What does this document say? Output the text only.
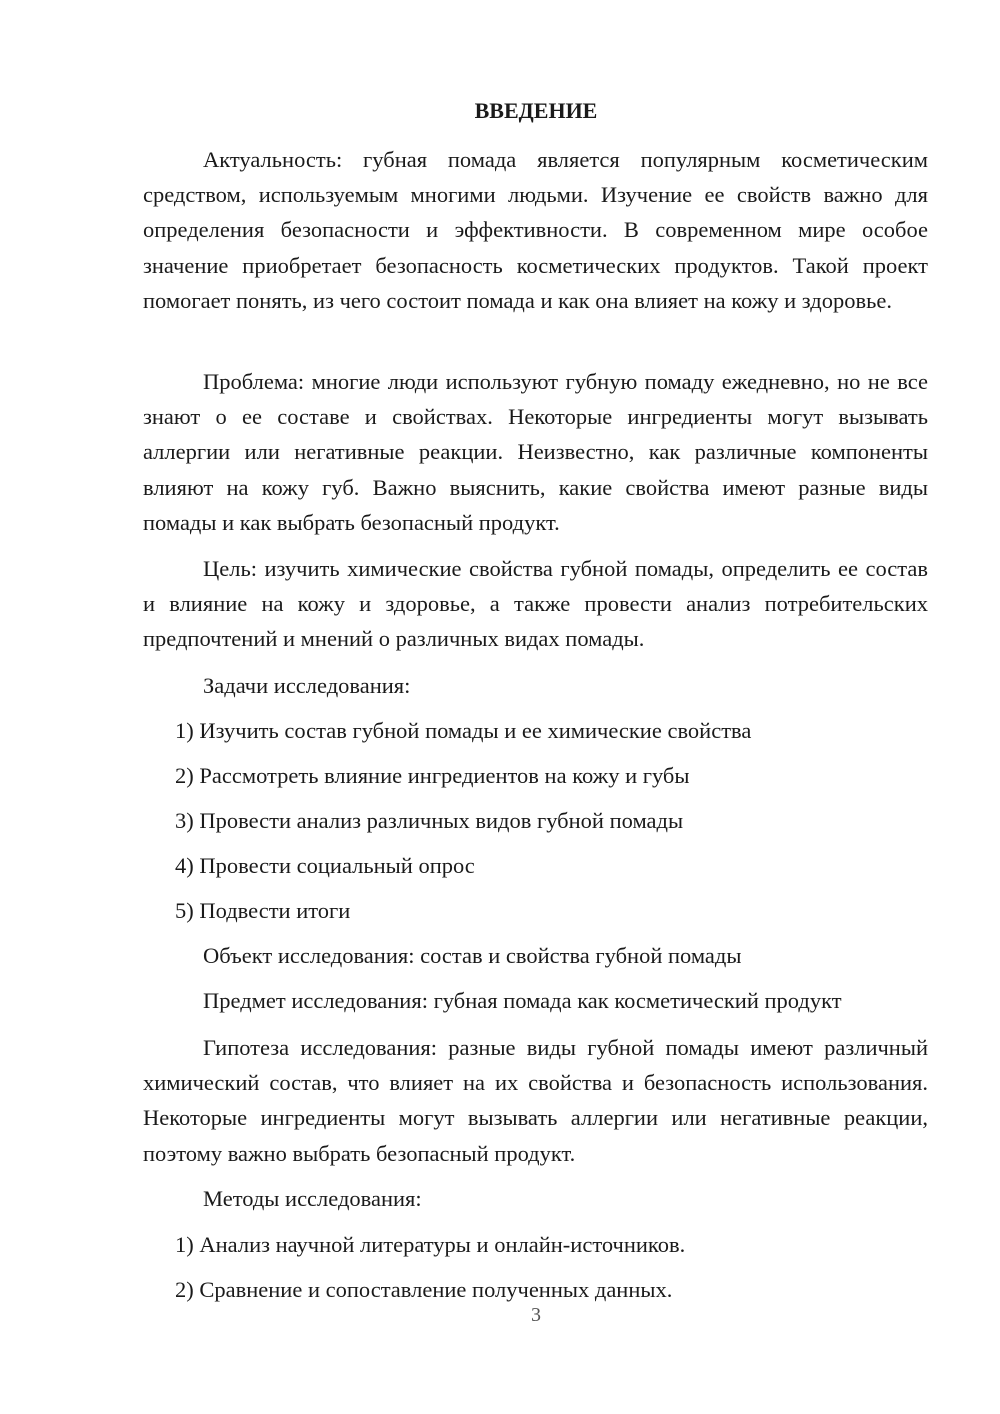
ВВЕДЕНИЕ

Актуальность: губная помада является популярным косметическим средством, используемым многими людьми. Изучение ее свойств важно для определения безопасности и эффективности. В современном мире особое значение приобретает безопасность косметических продуктов. Такой проект помогает понять, из чего состоит помада и как она влияет на кожу и здоровье.

Проблема: многие люди используют губную помаду ежедневно, но не все знают о ее составе и свойствах. Некоторые ингредиенты могут вызывать аллергии или негативные реакции. Неизвестно, как различные компоненты влияют на кожу губ. Важно выяснить, какие свойства имеют разные виды помады и как выбрать безопасный продукт.

Цель: изучить химические свойства губной помады, определить ее состав и влияние на кожу и здоровье, а также провести анализ потребительских предпочтений и мнений о различных видах помады.

Задачи исследования:
1) Изучить состав губной помады и ее химические свойства
2) Рассмотреть влияние ингредиентов на кожу и губы
3) Провести анализ различных видов губной помады
4) Провести социальный опрос
5) Подвести итоги
Объект исследования: состав и свойства губной помады
Предмет исследования: губная помада как косметический продукт

Гипотеза исследования: разные виды губной помады имеют различный химический состав, что влияет на их свойства и безопасность использования. Некоторые ингредиенты могут вызывать аллергии или негативные реакции, поэтому важно выбрать безопасный продукт.

Методы исследования:
1) Анализ научной литературы и онлайн-источников.
2) Сравнение и сопоставление полученных данных.
3
